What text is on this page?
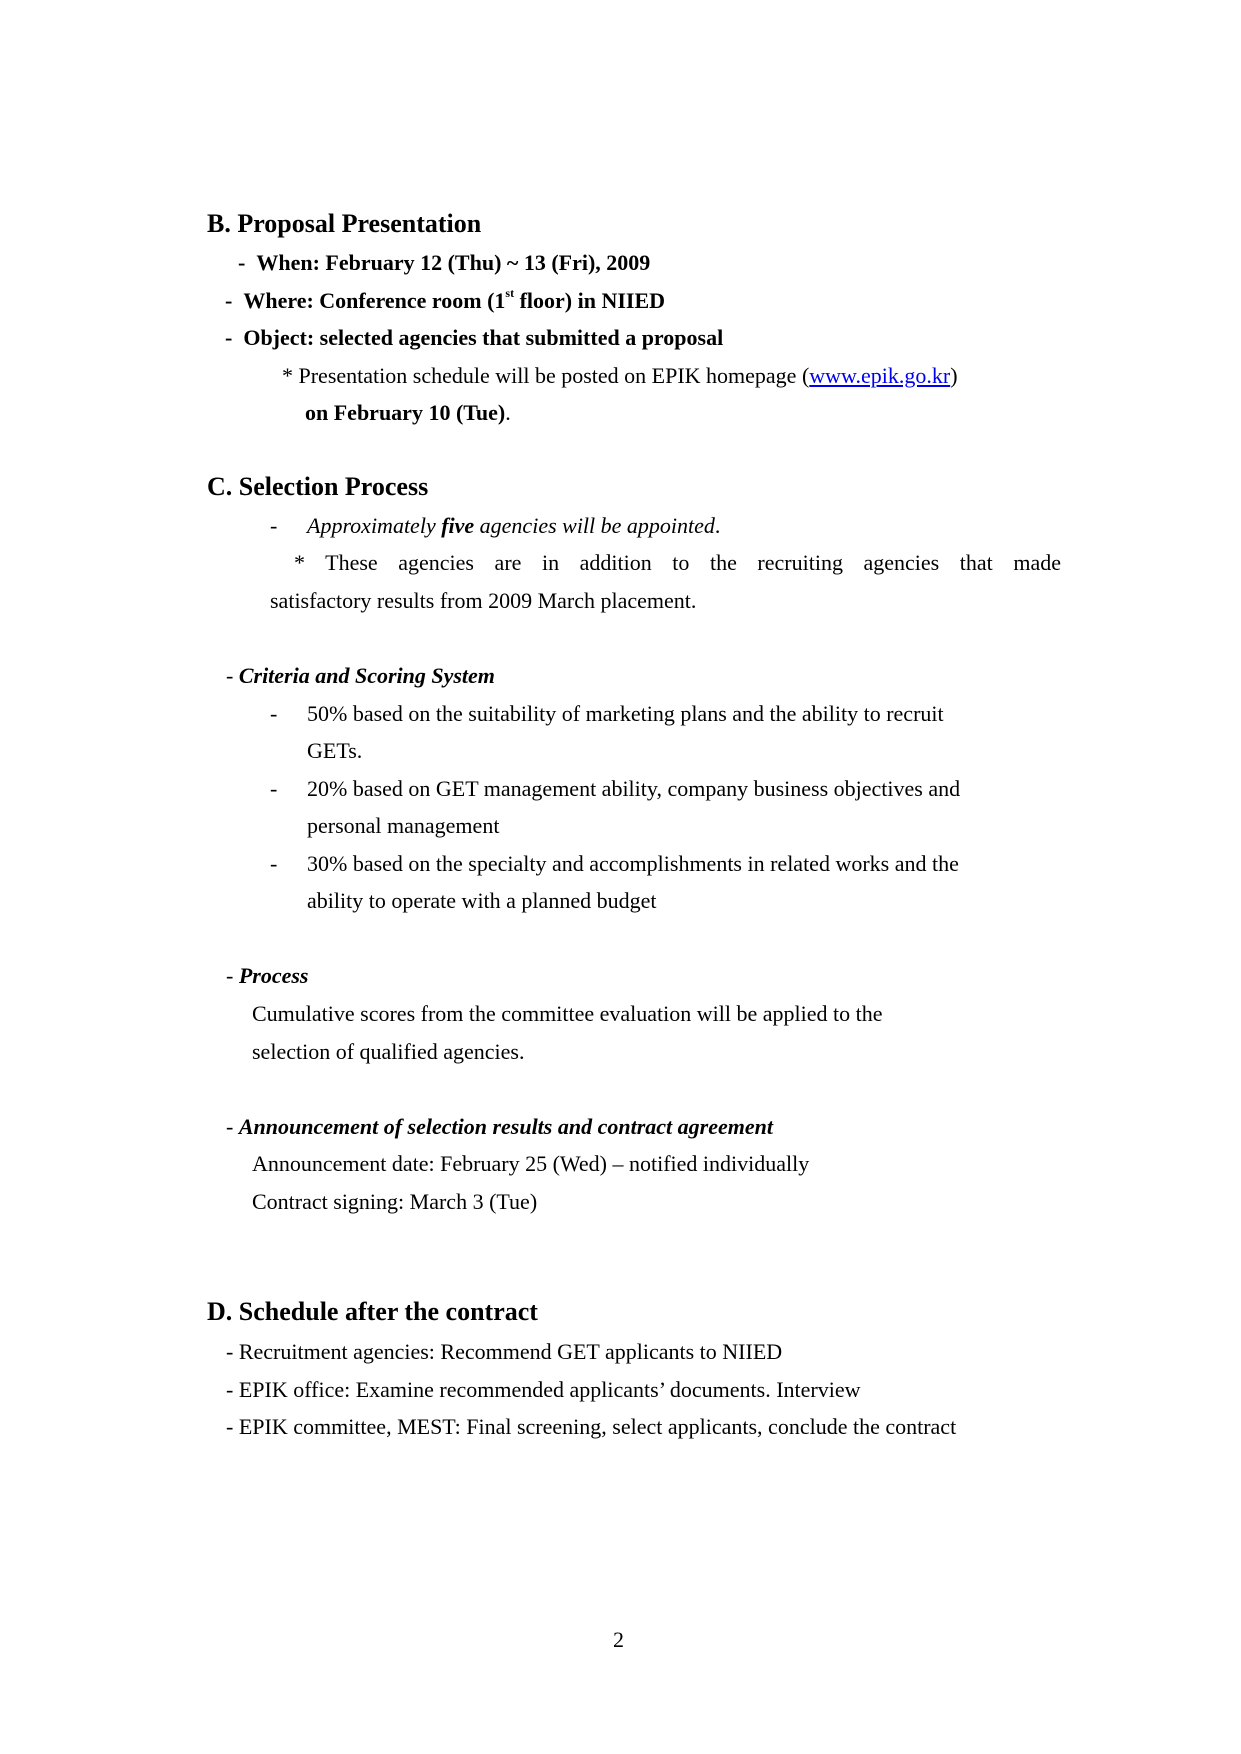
B. Proposal Presentation
- When: February 12 (Thu) ~ 13 (Fri), 2009
- Where: Conference room (1st floor) in NIIED
- Object: selected agencies that submitted a proposal
* Presentation schedule will be posted on EPIK homepage (www.epik.go.kr)
on February 10 (Tue).
C. Selection Process
- Approximately five agencies will be appointed.
* These agencies are in addition to the recruiting agencies that made
satisfactory results from 2009 March placement.
- Criteria and Scoring System
- 50% based on the suitability of marketing plans and the ability to recruit
GETs.
- 20% based on GET management ability, company business objectives and
personal management
- 30% based on the specialty and accomplishments in related works and the
ability to operate with a planned budget
- Process
Cumulative scores from the committee evaluation will be applied to the
selection of qualified agencies.
- Announcement of selection results and contract agreement
Announcement date: February 25 (Wed) – notified individually
Contract signing: March 3 (Tue)
D. Schedule after the contract
- Recruitment agencies: Recommend GET applicants to NIIED
- EPIK office: Examine recommended applicants’ documents. Interview
- EPIK committee, MEST: Final screening, select applicants, conclude the contract
2
